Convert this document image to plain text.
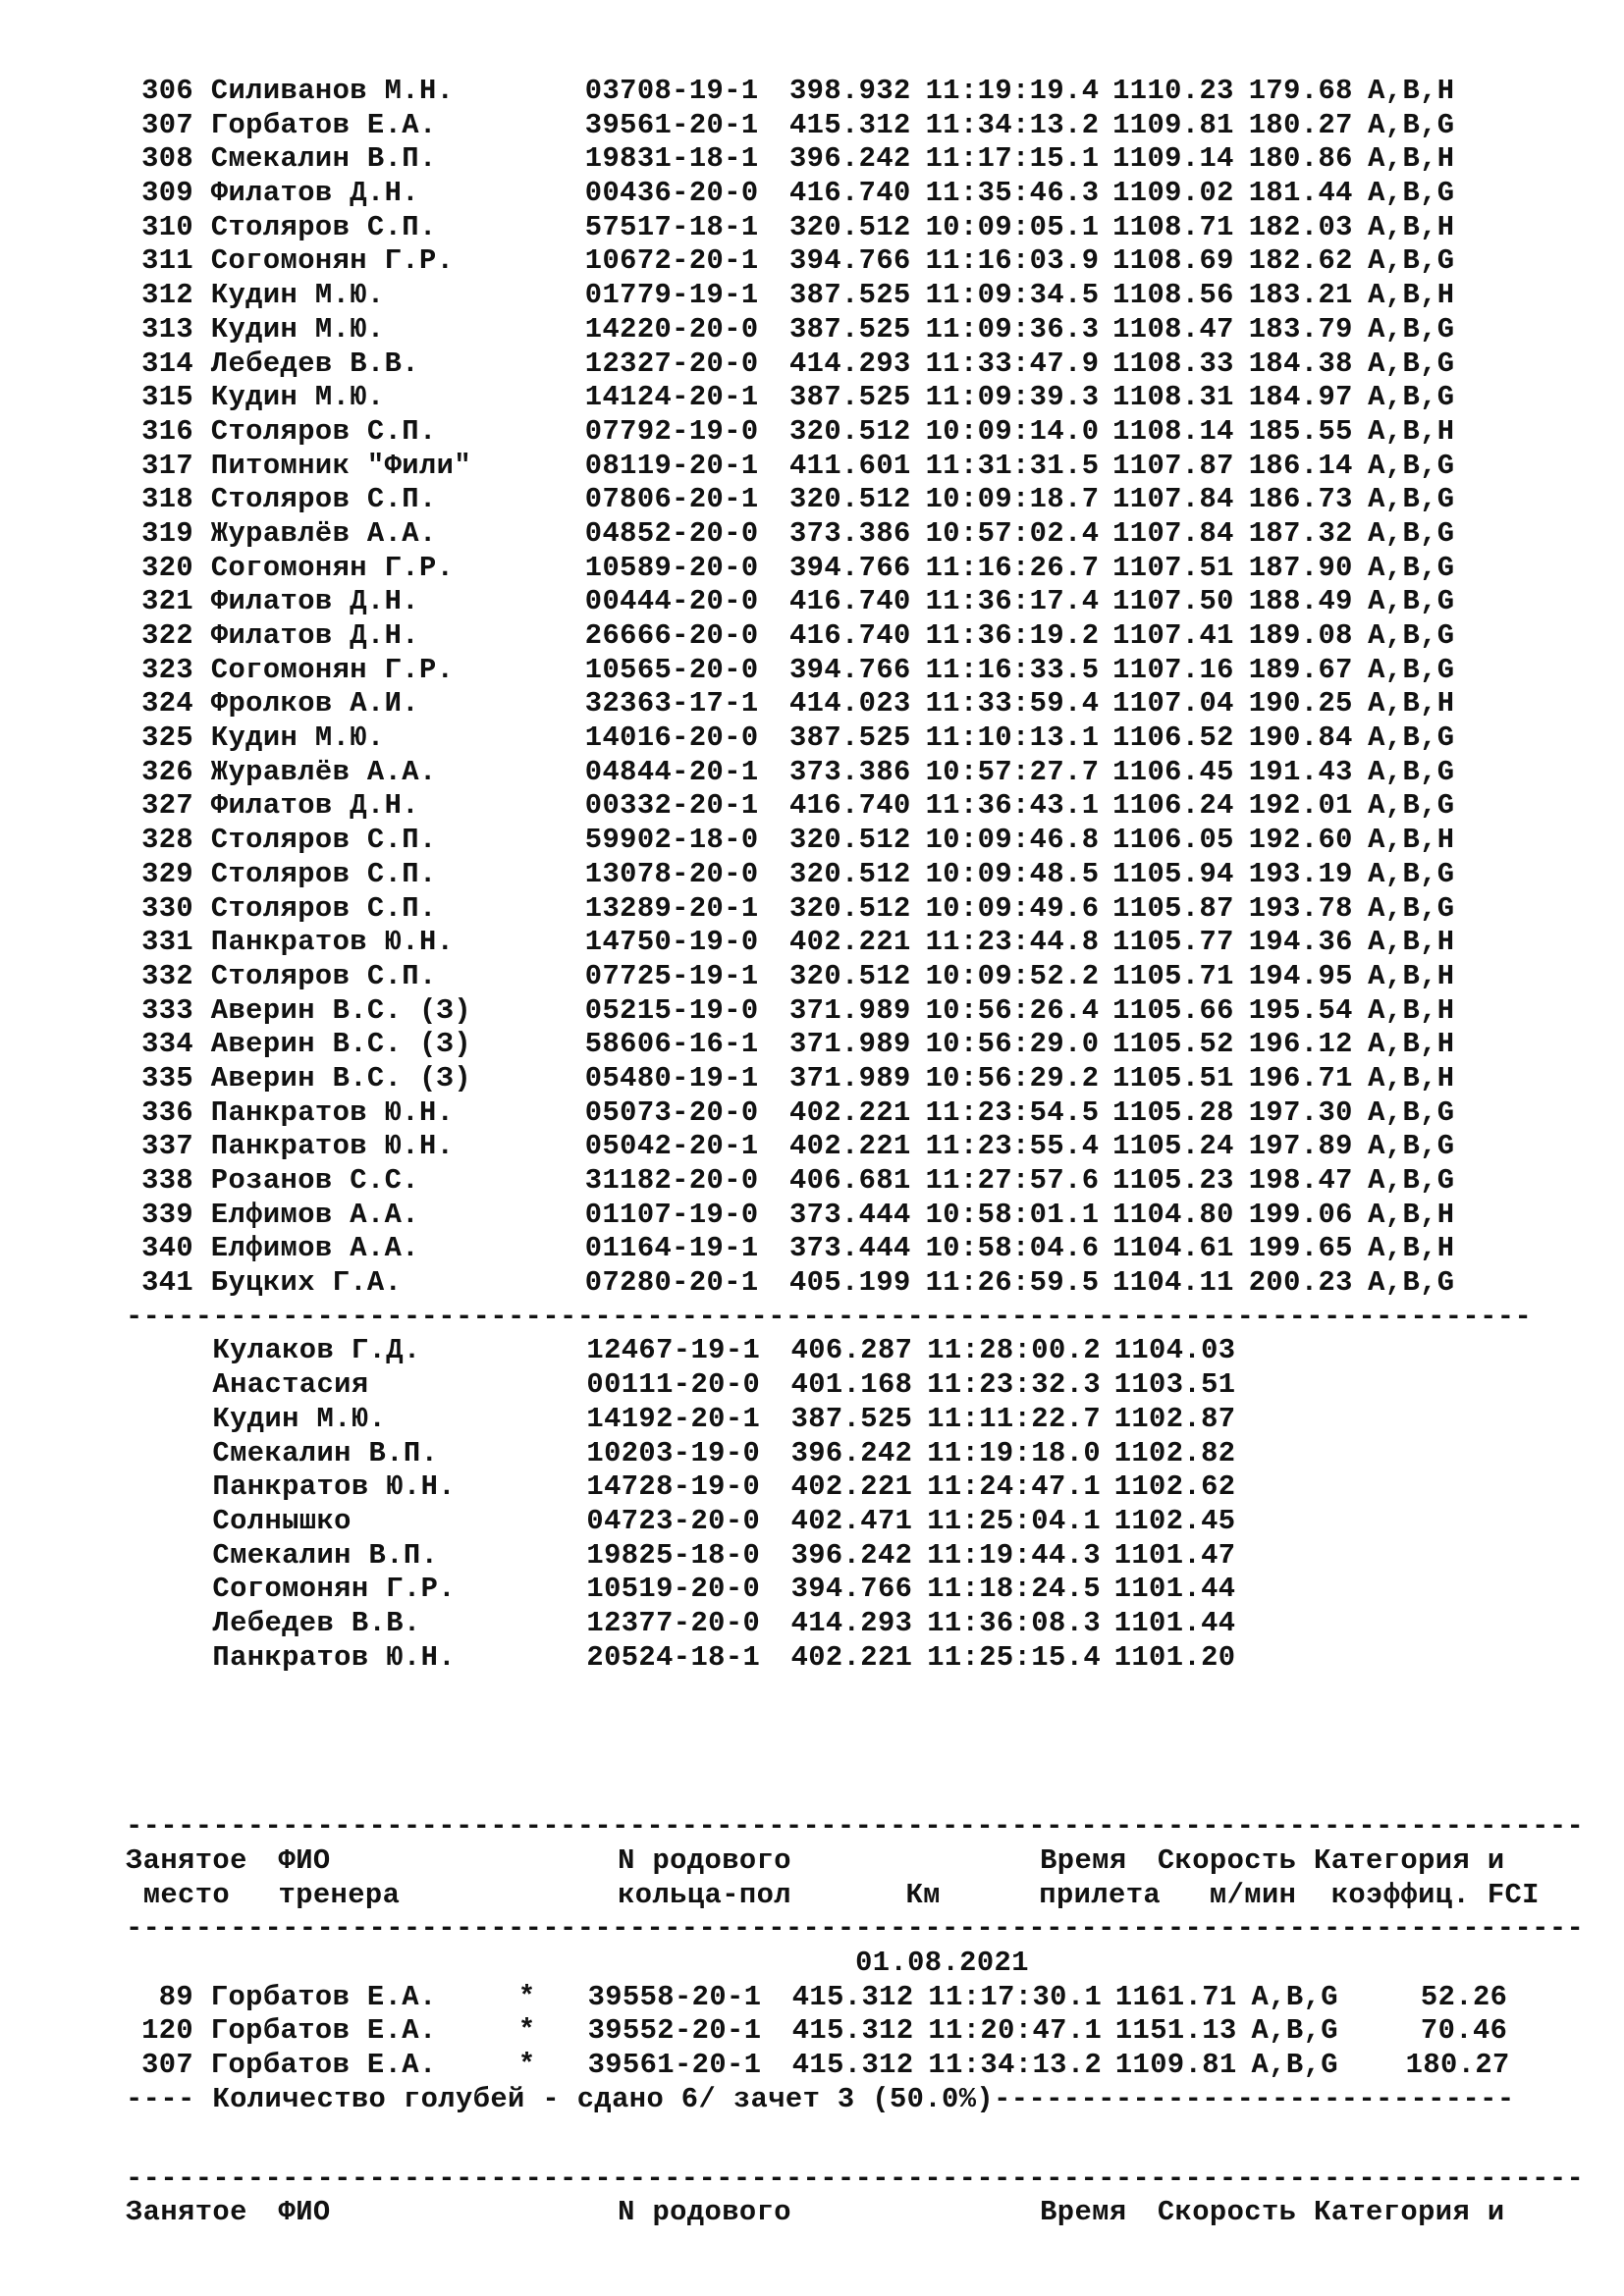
306 Силиванов М.Н.	03708-19-1 398.932 11:19:19.4 1110.23 179.68 A,B,H
307 Горбатов Е.А.	39561-20-1 415.312 11:34:13.2 1109.81 180.27 A,B,G
308 Смекалин В.П.	19831-18-1 396.242 11:17:15.1 1109.14 180.86 A,B,H
309 Филатов Д.Н.	00436-20-0 416.740 11:35:46.3 1109.02 181.44 A,B,G
310 Столяров С.П.	57517-18-1 320.512 10:09:05.1 1108.71 182.03 A,B,H
311 Согомонян Г.Р.	10672-20-1 394.766 11:16:03.9 1108.69 182.62 A,B,G
312 Кудин М.Ю.	01779-19-1 387.525 11:09:34.5 1108.56 183.21 A,B,H
313 Кудин М.Ю.	14220-20-0 387.525 11:09:36.3 1108.47 183.79 A,B,G
314 Лебедев В.В.	12327-20-0 414.293 11:33:47.9 1108.33 184.38 A,B,G
315 Кудин М.Ю.	14124-20-1 387.525 11:09:39.3 1108.31 184.97 A,B,G
316 Столяров С.П.	07792-19-0 320.512 10:09:14.0 1108.14 185.55 A,B,H
317 Питомник "Фили"	08119-20-1 411.601 11:31:31.5 1107.87 186.14 A,B,G
318 Столяров С.П.	07806-20-1 320.512 10:09:18.7 1107.84 186.73 A,B,G
319 Журавлёв А.А.	04852-20-0 373.386 10:57:02.4 1107.84 187.32 A,B,G
320 Согомонян Г.Р.	10589-20-0 394.766 11:16:26.7 1107.51 187.90 A,B,G
321 Филатов Д.Н.	00444-20-0 416.740 11:36:17.4 1107.50 188.49 A,B,G
322 Филатов Д.Н.	26666-20-0 416.740 11:36:19.2 1107.41 189.08 A,B,G
323 Согомонян Г.Р.	10565-20-0 394.766 11:16:33.5 1107.16 189.67 A,B,G
324 Фролков А.И.	32363-17-1 414.023 11:33:59.4 1107.04 190.25 A,B,H
325 Кудин М.Ю.	14016-20-0 387.525 11:10:13.1 1106.52 190.84 A,B,G
326 Журавлёв А.А.	04844-20-1 373.386 10:57:27.7 1106.45 191.43 A,B,G
327 Филатов Д.Н.	00332-20-1 416.740 11:36:43.1 1106.24 192.01 A,B,G
328 Столяров С.П.	59902-18-0 320.512 10:09:46.8 1106.05 192.60 A,B,H
329 Столяров С.П.	13078-20-0 320.512 10:09:48.5 1105.94 193.19 A,B,G
330 Столяров С.П.	13289-20-1 320.512 10:09:49.6 1105.87 193.78 A,B,G
331 Панкратов Ю.Н.	14750-19-0 402.221 11:23:44.8 1105.77 194.36 A,B,H
332 Столяров С.П.	07725-19-1 320.512 10:09:52.2 1105.71 194.95 A,B,H
333 Аверин В.С. (З)	05215-19-0 371.989 10:56:26.4 1105.66 195.54 A,B,H
334 Аверин В.С. (З)	58606-16-1 371.989 10:56:29.0 1105.52 196.12 A,B,H
335 Аверин В.С. (З)	05480-19-1 371.989 10:56:29.2 1105.51 196.71 A,B,H
336 Панкратов Ю.Н.	05073-20-0 402.221 11:23:54.5 1105.28 197.30 A,B,G
337 Панкратов Ю.Н.	05042-20-1 402.221 11:23:55.4 1105.24 197.89 A,B,G
338 Розанов С.С.	31182-20-0 406.681 11:27:57.6 1105.23 198.47 A,B,G
339 Елфимов А.А.	01107-19-0 373.444 10:58:01.1 1104.80 199.06 A,B,H
340 Елфимов А.А.	01164-19-1 373.444 10:58:04.6 1104.61 199.65 A,B,H
341 Буцких Г.А.	07280-20-1 405.199 11:26:59.5 1104.11 200.23 A,B,G
---------------------------------------------------------------------------------
Кулаков Г.Д.	12467-19-1 406.287 11:28:00.2 1104.03
Анастасия	00111-20-0 401.168 11:23:32.3 1103.51
Кудин М.Ю.	14192-20-1 387.525 11:11:22.7 1102.87
Смекалин В.П.	10203-19-0 396.242 11:19:18.0 1102.82
Панкратов Ю.Н.	14728-19-0 402.221 11:24:47.1 1102.62
Солнышко	04723-20-0 402.471 11:25:04.1 1102.45
Смекалин В.П.	19825-18-0 396.242 11:19:44.3 1101.47
Согомонян Г.Р.	10519-20-0 394.766 11:18:24.5 1101.44
Лебедев В.В.	12377-20-0 414.293 11:36:08.3 1101.44
Панкратов Ю.Н.	20524-18-1 402.221 11:25:15.4 1101.20
------------------------------------------------------------------------------------
Занятое ФИО	N родового	Время Скорость Категория и
место тренера	кольца-пол	Км	прилета м/мин коэффиц. FCI
------------------------------------------------------------------------------------
01.08.2021
89 Горбатов Е.А.	* 39558-20-1 415.312 11:17:30.1 1161.71 A,B,G	52.26
120 Горбатов Е.А.	* 39552-20-1 415.312 11:20:47.1 1151.13 A,B,G	70.46
307 Горбатов Е.А.	* 39561-20-1 415.312 11:34:13.2 1109.81 A,B,G 180.27
---- Количество голубей - сдано 6/ зачет 3 (50.0%)------------------------------
------------------------------------------------------------------------------------
Занятое ФИО	N родового	Время Скорость Категория и
